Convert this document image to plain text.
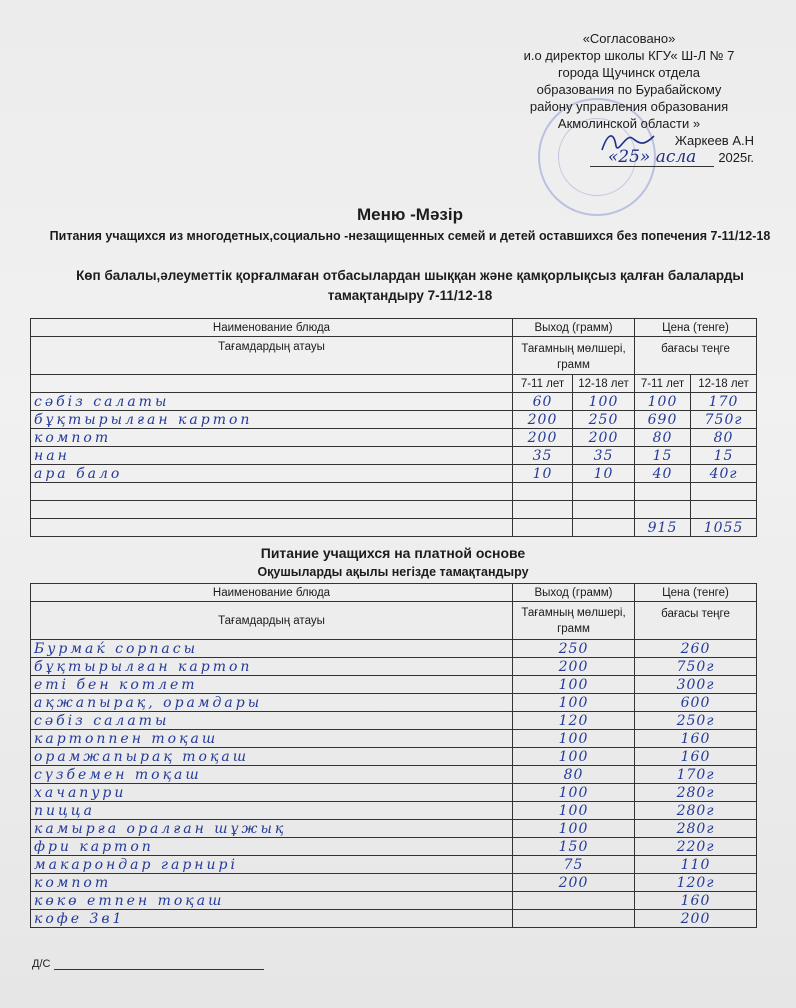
«Согласовано»
и.о директор школы КГУ« Ш-Л № 7
города Щучинск отдела
образования по Бурабайскому
району управления образования
Акмолинской области »
Жаркеев А.Н
«25» асла	2025г.
Меню -Мәзір
Питания учащихся из многодетных,социально -незащищенных семей и детей оставшихся без попечения 7-11/12-18
Көп балалы,әлеуметтік қорғалмаған отбасылардан шыққан және қамқорлықсыз қалған балаларды тамақтандыру 7-11/12-18
Наименование блюда	Выход (грамм)		Цена (тенге)	
Тағамдардың атауы	Тағамның мөлшері, грамм		бағасы теңге	
	7-11 лет	12-18 лет	7-11 лет	12-18 лет
сәбіз салаты	60	100	100	170
бұқтырылған картоп	200	250	690	750г
компот	200	200	80	80
нан	35	35	15	15
ара бало	10	10	40	40г

			915	1055
Питание учащихся на платной основе
Оқушыларды ақылы негізде тамақтандыру
Наименование блюда	Выход (грамм)	Цена (тенге)
Тағамдардың атауы	Тағамның мөлшері, грамм	бағасы теңге
Бурмаќ сорпасы	250	260
бұқтырылған картоп	200	750г
еті бен котлет	100	300г
ақжапырақ, орамдары	100	600
сәбіз салаты	120	250г
картоппен тоқаш	100	160
орамжапырақ тоқаш	100	160
сүзбемен тоқаш	80	170г
хачапури	100	280г
пицца	100	280г
камырға оралған шұжық	100	280г
фри картоп	150	220г
макарондар гарнирі	75	110
компот	200	120г
көкө етпен тоқаш		160
кофе 3в1		200
Д/С
